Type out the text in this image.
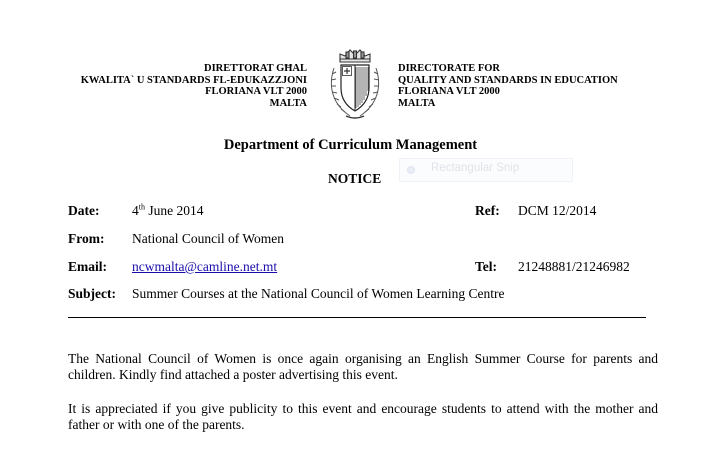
DIRETTORAT GĦAL
KWALITA` U STANDARDS FL-EDUKAZZJONI
FLORIANA VLT 2000
MALTA
DIRECTORATE FOR
QUALITY AND STANDARDS IN EDUCATION
FLORIANA VLT 2000
MALTA
Department of Curriculum Management
NOTICE
Rectangular Snip
Date: 4th June 2014	Ref: DCM 12/2014
From: National Council of Women
Email: ncwmalta@camline.net.mt	Tel: 21248881/21246982
Subject: Summer Courses at the National Council of Women Learning Centre
The National Council of Women is once again organising an English Summer Course for parents and children. Kindly find attached a poster advertising this event.
It is appreciated if you give publicity to this event and encourage students to attend with the mother and father or with one of the parents.
